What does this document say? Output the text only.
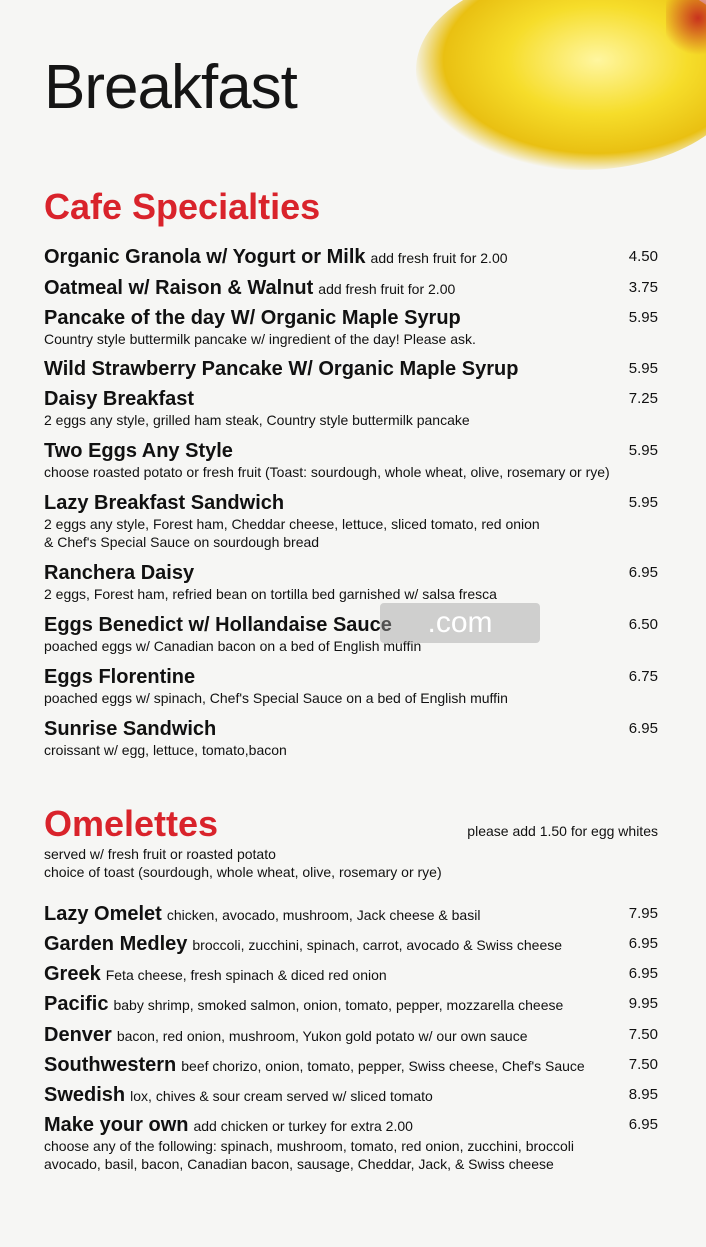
Breakfast
Cafe Specialties
Organic Granola w/ Yogurt or Milk add fresh fruit for 2.00	4.50
Oatmeal w/ Raison & Walnut add fresh fruit for 2.00	3.75
Pancake of the day W/ Organic Maple Syrup	5.95
Country style buttermilk pancake w/ ingredient of the day! Please ask.
Wild Strawberry Pancake W/ Organic Maple Syrup	5.95
Daisy Breakfast	7.25
2 eggs any style, grilled ham steak, Country style buttermilk pancake
Two Eggs Any Style	5.95
choose roasted potato or fresh fruit (Toast: sourdough, whole wheat, olive, rosemary or rye)
Lazy Breakfast Sandwich	5.95
2 eggs any style, Forest ham, Cheddar cheese, lettuce, sliced tomato, red onion
& Chef's Special Sauce on sourdough bread
Ranchera Daisy	6.95
2 eggs, Forest ham, refried bean on tortilla bed garnished w/ salsa fresca
Eggs Benedict w/ Hollandaise Sauce	6.50
poached eggs w/ Canadian bacon on a bed of English muffin
Eggs Florentine	6.75
poached eggs w/ spinach, Chef's Special Sauce on a bed of English muffin
Sunrise Sandwich	6.95
croissant w/ egg, lettuce, tomato,bacon
.com
Omelettes	please add 1.50 for egg whites
served w/ fresh fruit or roasted potato
choice of toast (sourdough, whole wheat, olive, rosemary or rye)
Lazy Omelet chicken, avocado, mushroom, Jack cheese & basil	7.95
Garden Medley broccoli, zucchini, spinach, carrot, avocado & Swiss cheese	6.95
Greek Feta cheese, fresh spinach & diced red onion	6.95
Pacific baby shrimp, smoked salmon, onion, tomato, pepper, mozzarella cheese	9.95
Denver bacon, red onion, mushroom, Yukon gold potato w/ our own sauce	7.50
Southwestern beef chorizo, onion, tomato, pepper, Swiss cheese, Chef's Sauce	7.50
Swedish lox, chives & sour cream served w/ sliced tomato	8.95
Make your own add chicken or turkey for extra 2.00	6.95
choose any of the following: spinach, mushroom, tomato, red onion, zucchini, broccoli
avocado, basil, bacon, Canadian bacon, sausage, Cheddar, Jack, & Swiss cheese
